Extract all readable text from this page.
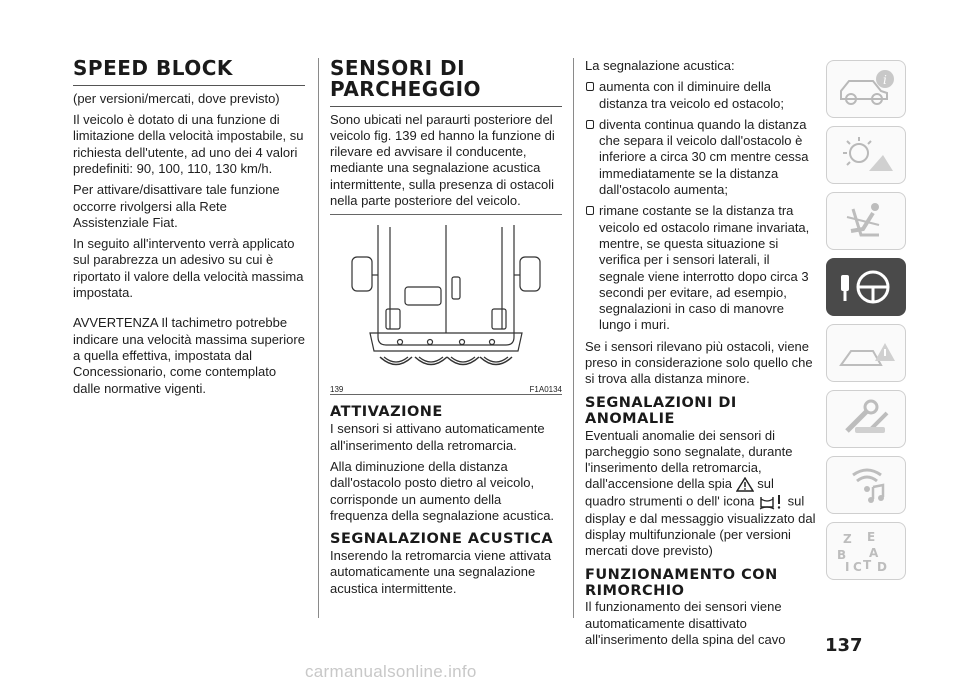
SPEED BLOCK

(per versioni/mercati, dove previsto)

Il veicolo è dotato di una funzione di limitazione della velocità impostabile, su richiesta dell'utente, ad uno dei 4 valori predefiniti: 90, 100, 110, 130 km/h.

Per attivare/disattivare tale funzione occorre rivolgersi alla Rete Assistenziale Fiat.

In seguito all'intervento verrà applicato sul parabrezza un adesivo su cui è riportato il valore della velocità massima impostata.

AVVERTENZA Il tachimetro potrebbe indicare una velocità massima superiore a quella effettiva, impostata dal Concessionario, come contemplato dalle normative vigenti.

SENSORI DI PARCHEGGIO

Sono ubicati nel paraurti posteriore del veicolo fig. 139 ed hanno la funzione di rilevare ed avvisare il conducente, mediante una segnalazione acustica intermittente, sulla presenza di ostacoli nella parte posteriore del veicolo.

139	F1A0134
ATTIVAZIONE

I sensori si attivano automaticamente all'inserimento della retromarcia.

Alla diminuzione della distanza dall'ostacolo posto dietro al veicolo, corrisponde un aumento della frequenza della segnalazione acustica.

SEGNALAZIONE ACUSTICA

Inserendo la retromarcia viene attivata automaticamente una segnalazione acustica intermittente.

La segnalazione acustica:

aumenta con il diminuire della distanza tra veicolo ed ostacolo;

diventa continua quando la distanza che separa il veicolo dall'ostacolo è inferiore a circa 30 cm mentre cessa immediatamente se la distanza dall'ostacolo aumenta;

rimane costante se la distanza tra veicolo ed ostacolo rimane invariata, mentre, se questa situazione si verifica per i sensori laterali, il segnale viene interrotto dopo circa 3 secondi per evitare, ad esempio, segnalazioni in caso di manovre lungo i muri.

Se i sensori rilevano più ostacoli, viene preso in considerazione solo quello che si trova alla distanza minore.

SEGNALAZIONI DI ANOMALIE

Eventuali anomalie dei sensori di parcheggio sono segnalate, durante l'inserimento della retromarcia, dall'accensione della spia sul quadro strumenti o dell' icona	sul display e dal messaggio visualizzato dal display multifunzionale (per versioni mercati dove previsto)

FUNZIONAMENTO CON RIMORCHIO

Il funzionamento dei sensori viene automaticamente disattivato all'inserimento della spina del cavo

i
Z E
B A
C D
I T
137
carmanualsonline.info
